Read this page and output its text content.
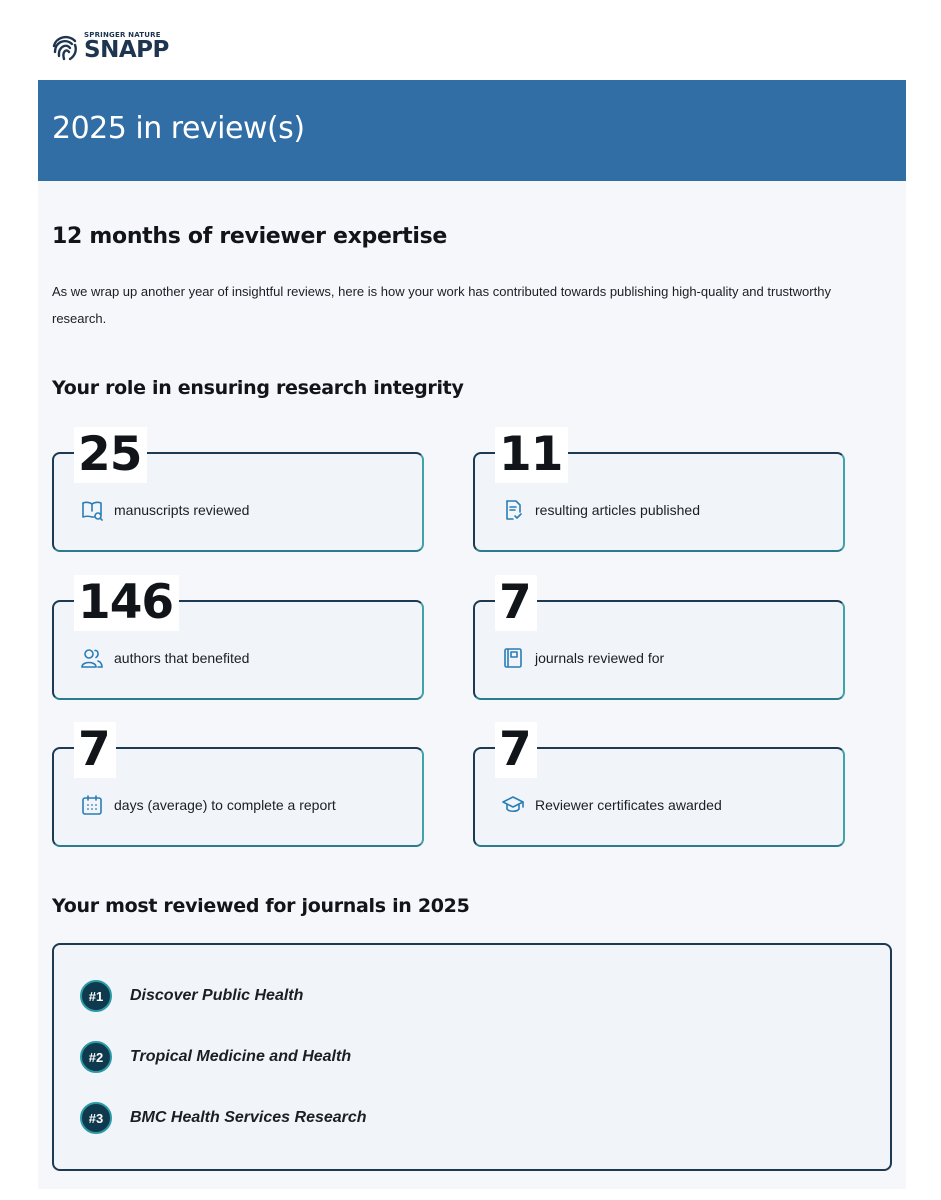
SPRINGER NATURE
SNAPP
2025 in review(s)
12 months of reviewer expertise

As we wrap up another year of insightful reviews, here is how your work has contributed towards publishing high-quality and trustworthy research.

Your role in ensuring research integrity
25
manuscripts reviewed
11
resulting articles published
146
authors that benefited
7
journals reviewed for
7
days (average) to complete a report
7
Reviewer certificates awarded
Your most reviewed for journals in 2025
#1	Discover Public Health
#2	Tropical Medicine and Health
#3	BMC Health Services Research
